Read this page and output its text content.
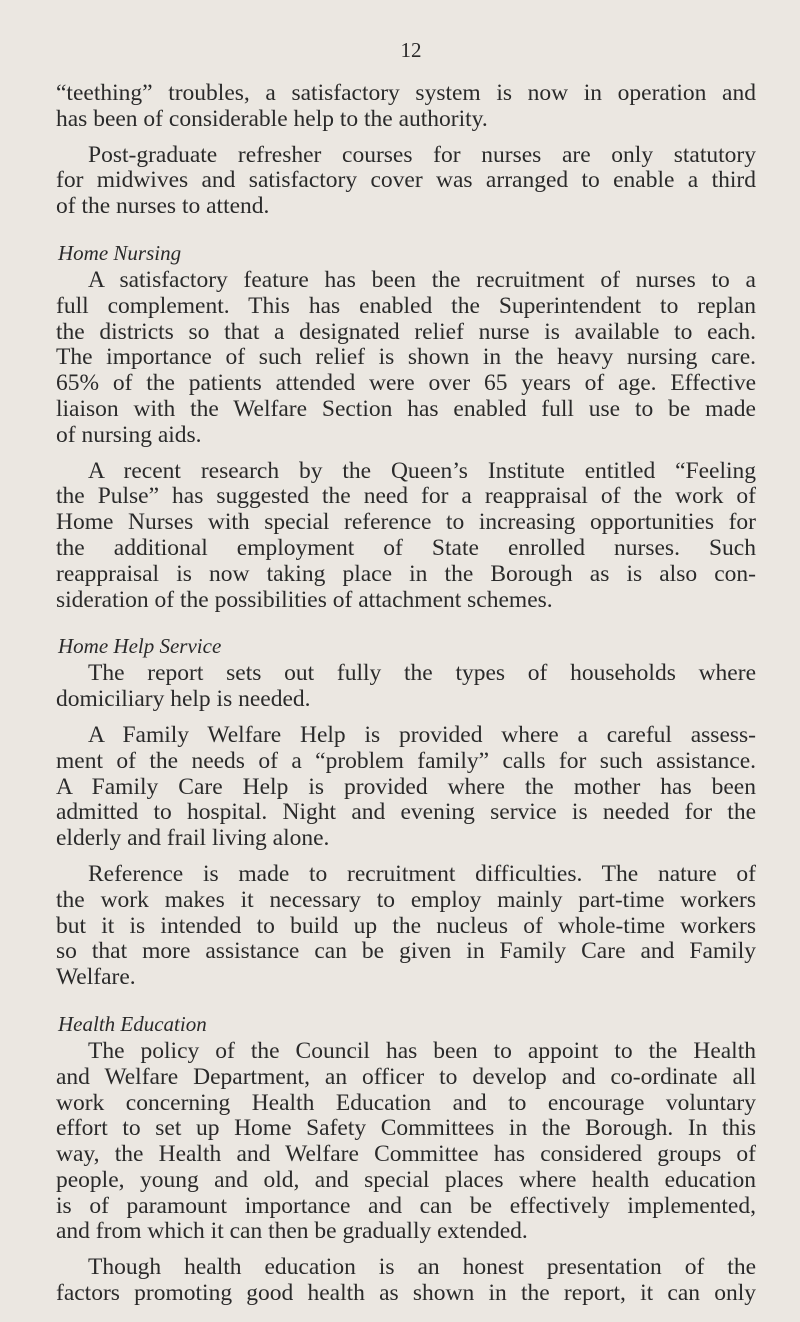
12
“teething” troubles, a satisfactory system is now in operation and
has been of considerable help to the authority.
Post-graduate refresher courses for nurses are only statutory
for midwives and satisfactory cover was arranged to enable a third
of the nurses to attend.
Home Nursing
A satisfactory feature has been the recruitment of nurses to a
full complement. This has enabled the Superintendent to replan
the districts so that a designated relief nurse is available to each.
The importance of such relief is shown in the heavy nursing care.
65% of the patients attended were over 65 years of age. Effective
liaison with the Welfare Section has enabled full use to be made
of nursing aids.
A recent research by the Queen’s Institute entitled “Feeling
the Pulse” has suggested the need for a reappraisal of the work of
Home Nurses with special reference to increasing opportunities for
the additional employment of State enrolled nurses. Such
reappraisal is now taking place in the Borough as is also con-
sideration of the possibilities of attachment schemes.
Home Help Service
The report sets out fully the types of households where
domiciliary help is needed.
A Family Welfare Help is provided where a careful assess-
ment of the needs of a “problem family” calls for such assistance.
A Family Care Help is provided where the mother has been
admitted to hospital. Night and evening service is needed for the
elderly and frail living alone.
Reference is made to recruitment difficulties. The nature of
the work makes it necessary to employ mainly part-time workers
but it is intended to build up the nucleus of whole-time workers
so that more assistance can be given in Family Care and Family
Welfare.
Health Education
The policy of the Council has been to appoint to the Health
and Welfare Department, an officer to develop and co-ordinate all
work concerning Health Education and to encourage voluntary
effort to set up Home Safety Committees in the Borough. In this
way, the Health and Welfare Committee has considered groups of
people, young and old, and special places where health education
is of paramount importance and can be effectively implemented,
and from which it can then be gradually extended.
Though health education is an honest presentation of the
factors promoting good health as shown in the report, it can only
